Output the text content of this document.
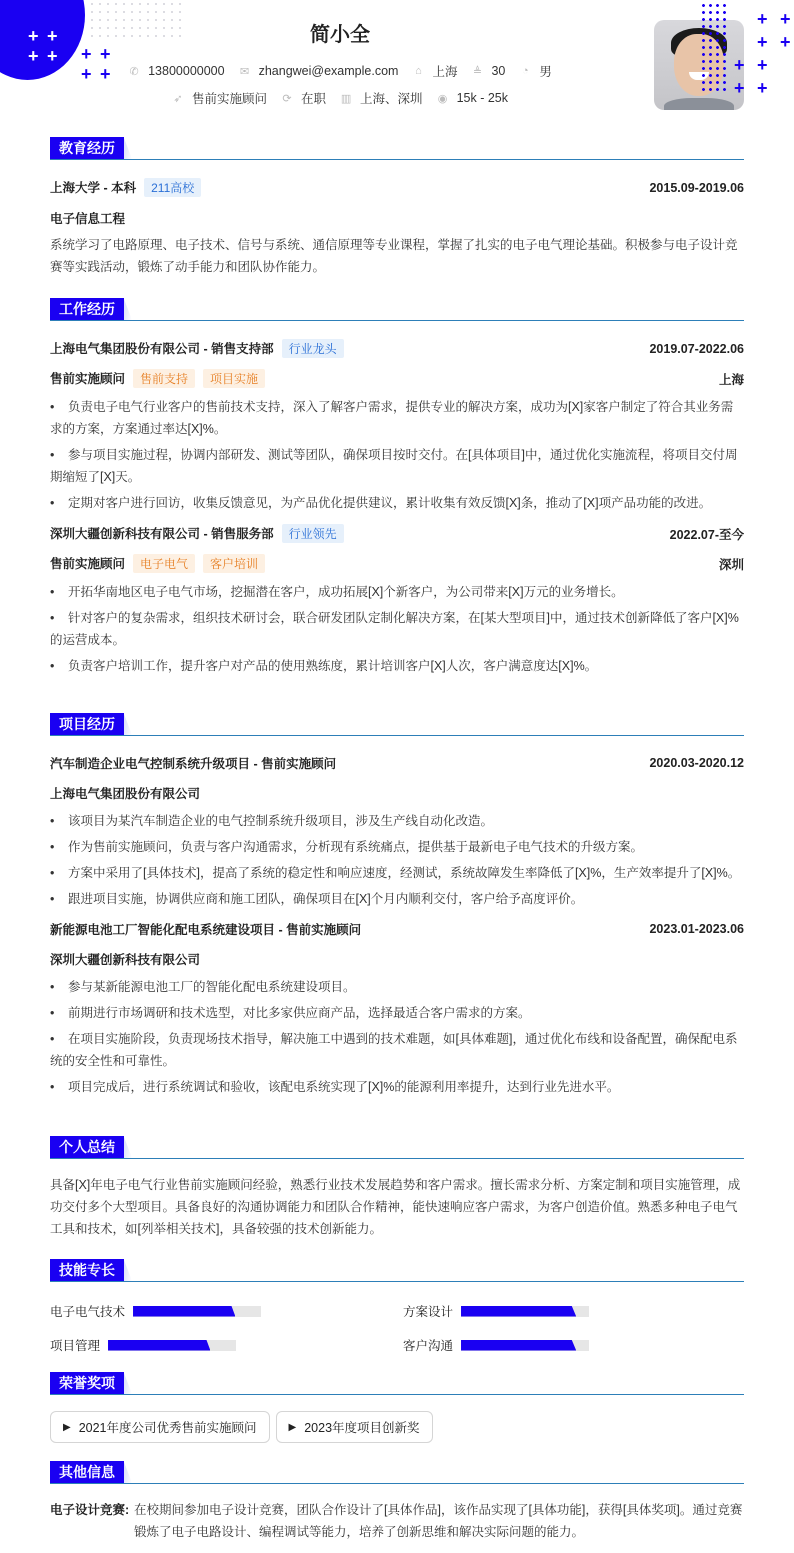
+ +
+ + + +
+ +
+ +
+ +
+ +
+ +
简小全
✆ 13800000000 ✉ zhangwei@example.com ⌂ 上海 ≜ 30 ◔ 男
➶ 售前实施顾问 ⟳ 在职 ▥ 上海、深圳 ◉ 15k - 25k
教育经历
上海大学 - 本科 211高校	2015.09-2019.06
电子信息工程
系统学习了电路原理、电子技术、信号与系统、通信原理等专业课程，掌握了扎实的电子电气理论基础。积极参与电子设计竞赛等实践活动，锻炼了动手能力和团队协作能力。
工作经历
上海电气集团股份有限公司 - 销售支持部 行业龙头	2019.07-2022.06
售前实施顾问 售前支持 项目实施	上海
• 负责电子电气行业客户的售前技术支持，深入了解客户需求，提供专业的解决方案，成功为[X]家客户制定了符合其业务需求的方案，方案通过率达[X]%。
• 参与项目实施过程，协调内部研发、测试等团队，确保项目按时交付。在[具体项目]中，通过优化实施流程，将项目交付周期缩短了[X]天。
• 定期对客户进行回访，收集反馈意见，为产品优化提供建议，累计收集有效反馈[X]条，推动了[X]项产品功能的改进。
深圳大疆创新科技有限公司 - 销售服务部 行业领先	2022.07-至今
售前实施顾问 电子电气 客户培训	深圳
• 开拓华南地区电子电气市场，挖掘潜在客户，成功拓展[X]个新客户，为公司带来[X]万元的业务增长。
• 针对客户的复杂需求，组织技术研讨会，联合研发团队定制化解决方案，在[某大型项目]中，通过技术创新降低了客户[X]%的运营成本。
• 负责客户培训工作，提升客户对产品的使用熟练度，累计培训客户[X]人次，客户满意度达[X]%。
项目经历
汽车制造企业电气控制系统升级项目 - 售前实施顾问	2020.03-2020.12
上海电气集团股份有限公司
• 该项目为某汽车制造企业的电气控制系统升级项目，涉及生产线自动化改造。
• 作为售前实施顾问，负责与客户沟通需求，分析现有系统痛点，提供基于最新电子电气技术的升级方案。
• 方案中采用了[具体技术]，提高了系统的稳定性和响应速度，经测试，系统故障发生率降低了[X]%，生产效率提升了[X]%。
• 跟进项目实施，协调供应商和施工团队，确保项目在[X]个月内顺利交付，客户给予高度评价。
新能源电池工厂智能化配电系统建设项目 - 售前实施顾问	2023.01-2023.06
深圳大疆创新科技有限公司
• 参与某新能源电池工厂的智能化配电系统建设项目。
• 前期进行市场调研和技术选型，对比多家供应商产品，选择最适合客户需求的方案。
• 在项目实施阶段，负责现场技术指导，解决施工中遇到的技术难题，如[具体难题]，通过优化布线和设备配置，确保配电系统的安全性和可靠性。
• 项目完成后，进行系统调试和验收，该配电系统实现了[X]%的能源利用率提升，达到行业先进水平。
个人总结
具备[X]年电子电气行业售前实施顾问经验，熟悉行业技术发展趋势和客户需求。擅长需求分析、方案定制和项目实施管理，成功交付多个大型项目。具备良好的沟通协调能力和团队合作精神，能快速响应客户需求，为客户创造价值。熟悉多种电子电气工具和技术，如[列举相关技术]，具备较强的技术创新能力。
技能专长
电子电气技术	方案设计
项目管理	客户沟通
荣誉奖项
▶ 2021年度公司优秀售前实施顾问	▶ 2023年度项目创新奖
其他信息
电子设计竞赛: 在校期间参加电子设计竞赛，团队合作设计了[具体作品]，该作品实现了[具体功能]，获得[具体奖项]。通过竞赛锻炼了电子电路设计、编程调试等能力，培养了创新思维和解决实际问题的能力。
